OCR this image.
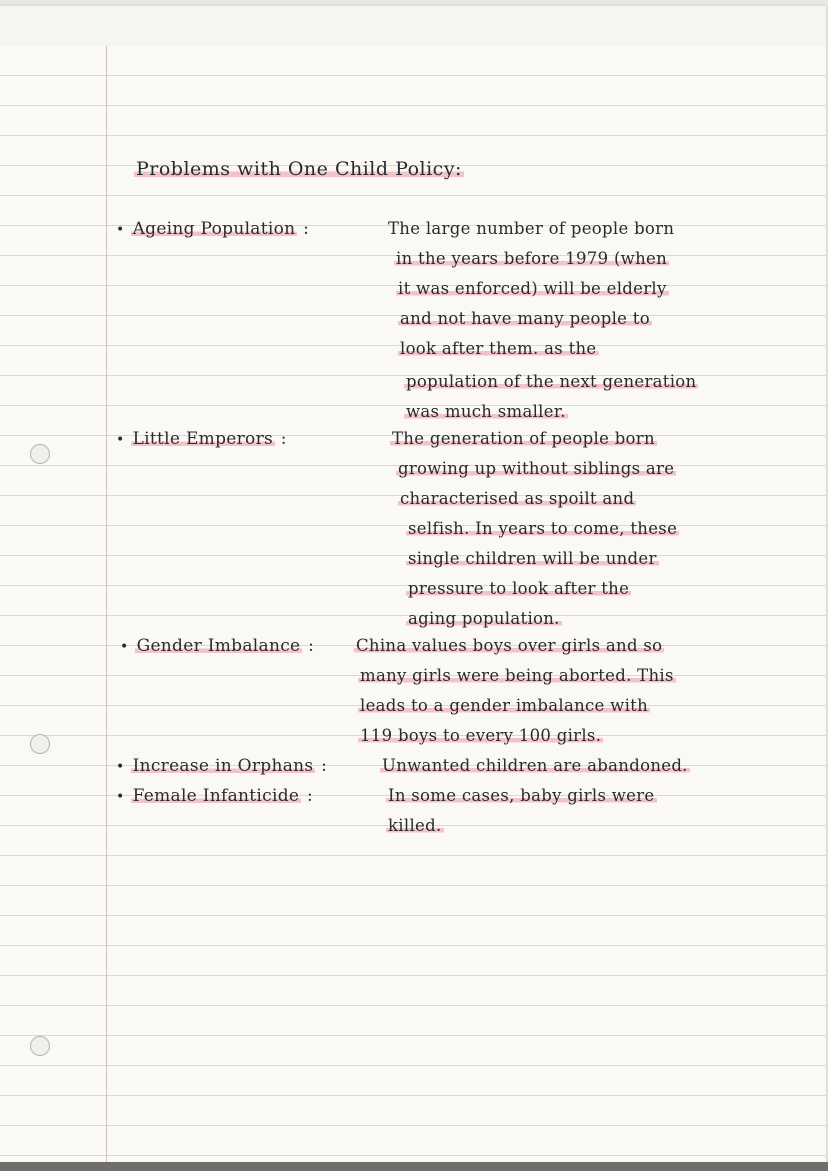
Problems with One Child Policy:
• Ageing Population :	The large number of people born
in the years before 1979 (when
it was enforced) will be elderly
and not have many people to
look after them. as the
population of the next generation
was much smaller.
• Little Emperors :	The generation of people born
growing up without siblings are
characterised as spoilt and
selfish. In years to come, these
single children will be under
pressure to look after the
aging population.
• Gender Imbalance :	China values boys over girls and so
many girls were being aborted. This
leads to a gender imbalance with
119 boys to every 100 girls.
• Increase in Orphans :	Unwanted children are abandoned.
• Female Infanticide :	In some cases, baby girls were
killed.
